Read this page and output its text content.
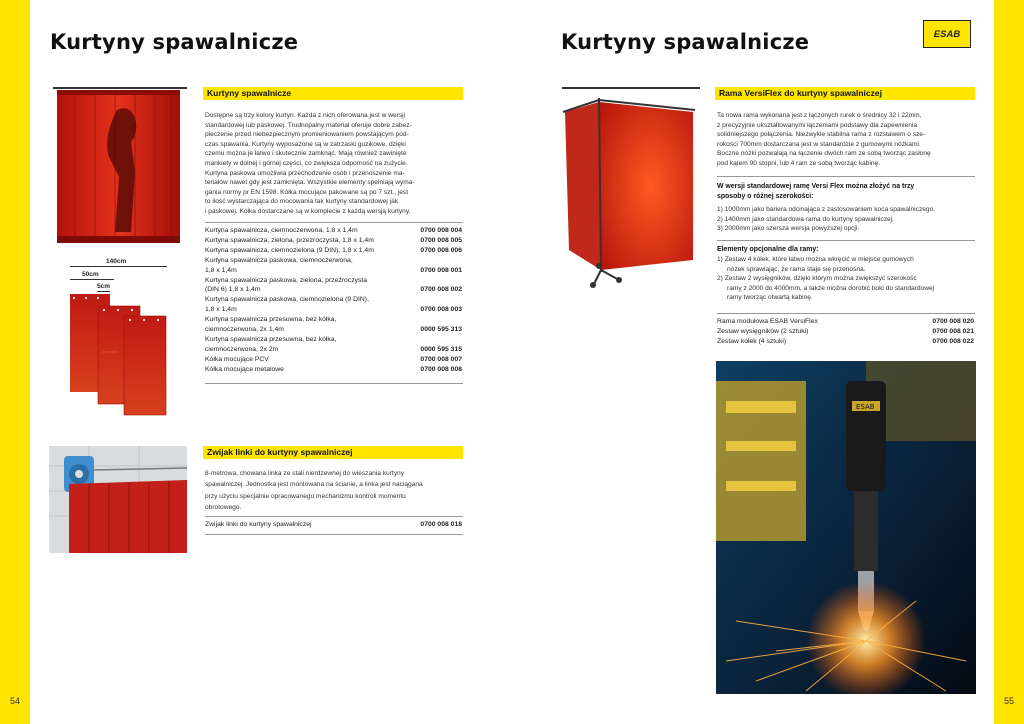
Kurtyny spawalnicze
140cm
50cm
5cm
Kurtyny spawalnicze
Dostępne są trzy kolory kurtyn. Każda z nich oferowana jest w wersji
standardowej lub paskowej. Trudnopalny materiał oferuje dobre zabez-
pieczenie przed niebezpiecznym promieniowaniem powstającym pod-
czas spawania. Kurtyny wyposażone są w zatrzaski guzikowe, dzięki
czemu można je łatwo i skutecznie zamknąć. Mają również zawinięte
mankiety w dolnej i górnej części, co zwiększa odporność na zużycie.
Kurtyna paskowa umożliwia przechodzenie osób i przenoszenie ma-
teriałów nawet gdy jest zamknięta. Wszystkie elementy spełniają wyma-
gania normy pr EN 1598. Kółka mocujące pakowane są po 7 szt., jest
to ilość wystarczająca do mocowania tak kurtyny standardowej jak
i paskowej. Kółka dostarczane są w komplecie z każdą wersją kurtyny.
Kurtyna spawalnicza, ciemnoczerwona, 1,8 x 1,4m	0700 008 004
Kurtyna spawalnicza, zielona, przezroczysta, 1,8 x 1,4m	0700 008 005
Kurtyna spawalnicza, ciemnozielona (9 DIN), 1,8 x 1,4m	0700 008 006
Kurtyna spawalnicza paskowa, ciemnoczerwona,
1,8 x 1,4m	0700 008 001
Kurtyna spawalnicza paskowa, zielona, przeźroczysta
(DIN 6) 1,8 x 1,4m	0700 008 002
Kurtyna spawalnicza paskowa, ciemnozielona (9 DIN),
1,8 x 1,4m	0700 008 003
Kurtyna spawalnicza przesuwna, bez kółka,
ciemnoczerwona, 2x 1,4m	0000 595 313
Kurtyna spawalnicza przesuwna, bez kółka,
ciemnoczerwona, 2x 2m	0000 595 315
Kółka mocujące PCV	0700 008 007
Kółka mocujące metalowe	0700 008 008
Zwijak linki do kurtyny spawalniczej
8-metrowa, chowana linka ze stali nierdzewnej do wieszania kurtyny
spawalniczej. Jednostka jest montowana na ścianie, a linka jest naciągana
przy użyciu specjalnie opracowanego mechanizmu kontroli momentu
obrotowego.
Zwijak linki do kurtyny spawalniczej	0700 008 018
54
Kurtyny spawalnicze	ESAB
Rama VersiFlex do kurtyny spawalniczej
Ta nowa rama wykonana jest z łączonych rurek o średnicy 32 i 22mm,
z precyzyjnie ukształtowanymi łączeniami podstawy dla zapewnienia
solidniejszego połączenia. Niezwykle stabilna rama z rozstawem o sze-
rokości 700mm dostarczana jest w standardzie z gumowymi nóżkami.
Boczne nóżki pozwalają na łączenie dwóch ram ze sobą tworząc zasłonę
pod kątem 90 stopni, lub 4 ram ze sobą tworząc kabinę.
W wersji standardowej ramę Versi Flex można złożyć na trzy
sposoby o różnej szerokości:
1) 1000mm jako bariera odcinająca z zastosowaniem koca spawalniczego.
2) 1400mm jako standardowa rama do kurtyny spawalniczej.
3) 2000mm jako szersza wersja powyższej opcji.
Elementy opcjonalne dla ramy:
1) Zestaw 4 kółek, które łatwo można wkręcić w miejsce gumowych
nóżek sprawiając, że rama staje się przenośna.
2) Zestaw 2 wysięgników, dzięki którym można zwiększyć szerokość
ramy z 2000 do 4000mm, a także można dorobić boki do standardowej
ramy tworząc otwartą kabinę.
Rama modułowa ESAB VersiFlex	0700 008 020
Zestaw wysięgników (2 sztuki)	0700 008 021
Zestaw kółek (4 sztuki)	0700 008 022
ESAB
55
